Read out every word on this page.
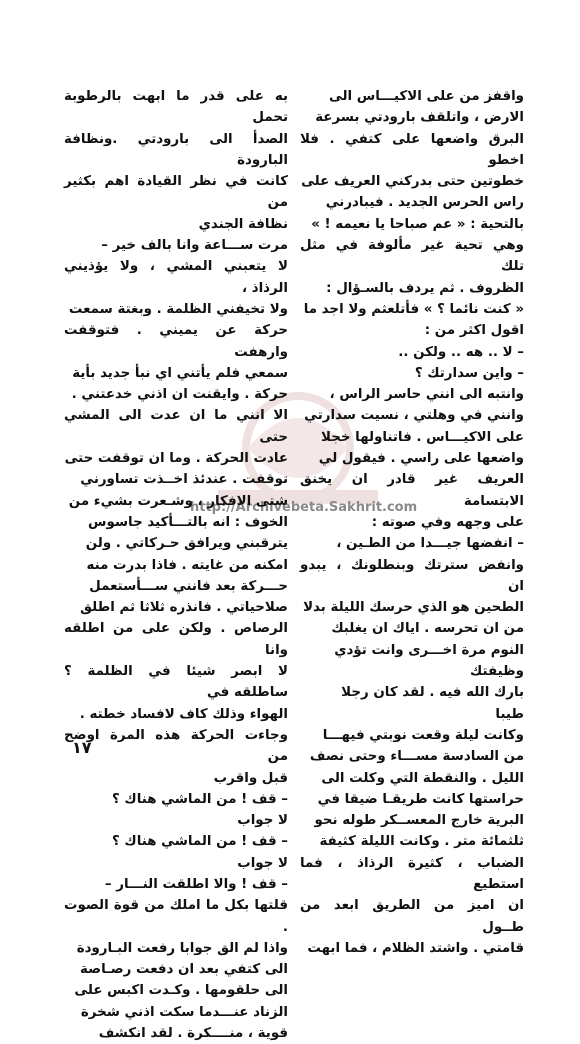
http://Archivebeta.Sakhrit.com

واقفز من على الاكيـــاس الى

الارض ، واتلقف بارودتي بسرعة

البرق واضعها على كتفي . فلا اخطو

خطوتين حتى بدركني العريف على

راس الحرس الجديد . فيبادرني

بالتحية : « عم صباحا يا نعيمه ! »

وهي تحية غير مألوفة في مثل تلك

الظروف . ثم يردف بالسـؤال :

« كنت نائما ؟ » فأتلعثم ولا اجد ما

اقول اكثر من :

– لا .. هه .. ولكن ..

– واين سدارتك ؟

وانتبه الى انني حاسر الراس ،

وانني في وهلتي ، نسيت سدارتي

على الاكيـــاس . فاتناولها خجلا

واضعها على راسي . فيقول لي

العريف غير قادر ان يخنق الابتسامة

على وجهه وفي صوته :

– انفضها جيـــدا من الطـين ،

وانفض سترتك وبنطلونك ، يبدو ان

الطحين هو الذي حرسك الليلة بدلا

من ان تحرسه . اياك ان يغلبك

النوم مرة اخـــرى وانت تؤدي

وظيفتك

بارك الله فيه . لقد كان رجلا

طيبا

وكانت ليلة وقعت نوبتي فيهـــا

من السادسة مســـاء وحتى نصف

الليل . والنقطة التي وكلت الى

حراستها كانت طريقـا ضيقا في

البرية خارج المعســكر طوله نحو

ثلثمائة متر . وكانت الليلة كثيفة

الضباب ، كثيرة الرذاذ ، فما استطيع

ان اميز من الطريق ابعد من طــول

قامتي . واشتد الظلام ، فما ابهت

به على قدر ما ابهت بالرطوبة تحمل

الصدأ الى بارودتي .ونظافة البارودة

كانت في نظر القيادة اهم بكثير من

نظافة الجندي

مرت ســـاعة وانا بالف خير –

لا يتعبني المشي ، ولا يؤذيني الرذاذ ،

ولا تخيفني الظلمة . وبغتة سمعت

حركة عن يميني . فتوقفت وارهفت

سمعي فلم يأتني اي نبأ جديد بأية

حركة . وايقنت ان اذني خدعتني .

الا انني ما ان عدت الى المشي حتى

عادت الحركة . وما ان توقفت حتى

توقفت . عندئذ اخــذت تساورني

شتى الافكار ، وشـعرت بشيء من

الخوف : انه بالتـــأكيد جاسوس

يترقبني ويرافق حـركاتي . ولن

امكنه من غايته . فاذا بدرت منه

حـــركة بعد فانني ســـأستعمل

صلاحياتي . فانذره ثلاثا ثم اطلق

الرصاص . ولكن على من اطلقه وانا

لا ابصر شيئا في الظلمة ؟ ساطلقه في

الهواء وذلك كاف لافساد خطته .

وجاءت الحركة هذه المرة اوضح من

قبل واقرب

– قف ! من الماشي هناك ؟

لا جواب

– قف ! من الماشي هناك ؟

لا جواب

– قف ! والا اطلقت النـــار –

قلتها بكل ما املك من قوة الصوت .

واذا لم الق جوابا رفعت البـارودة

الى كتفي بعد ان دفعت رصـاصة

الى حلقومها . وكـدت اكبس على

الزناد عنـــدما سكت اذني شخرة

قوية ، منــــكرة . لقد انكشف

١٧
